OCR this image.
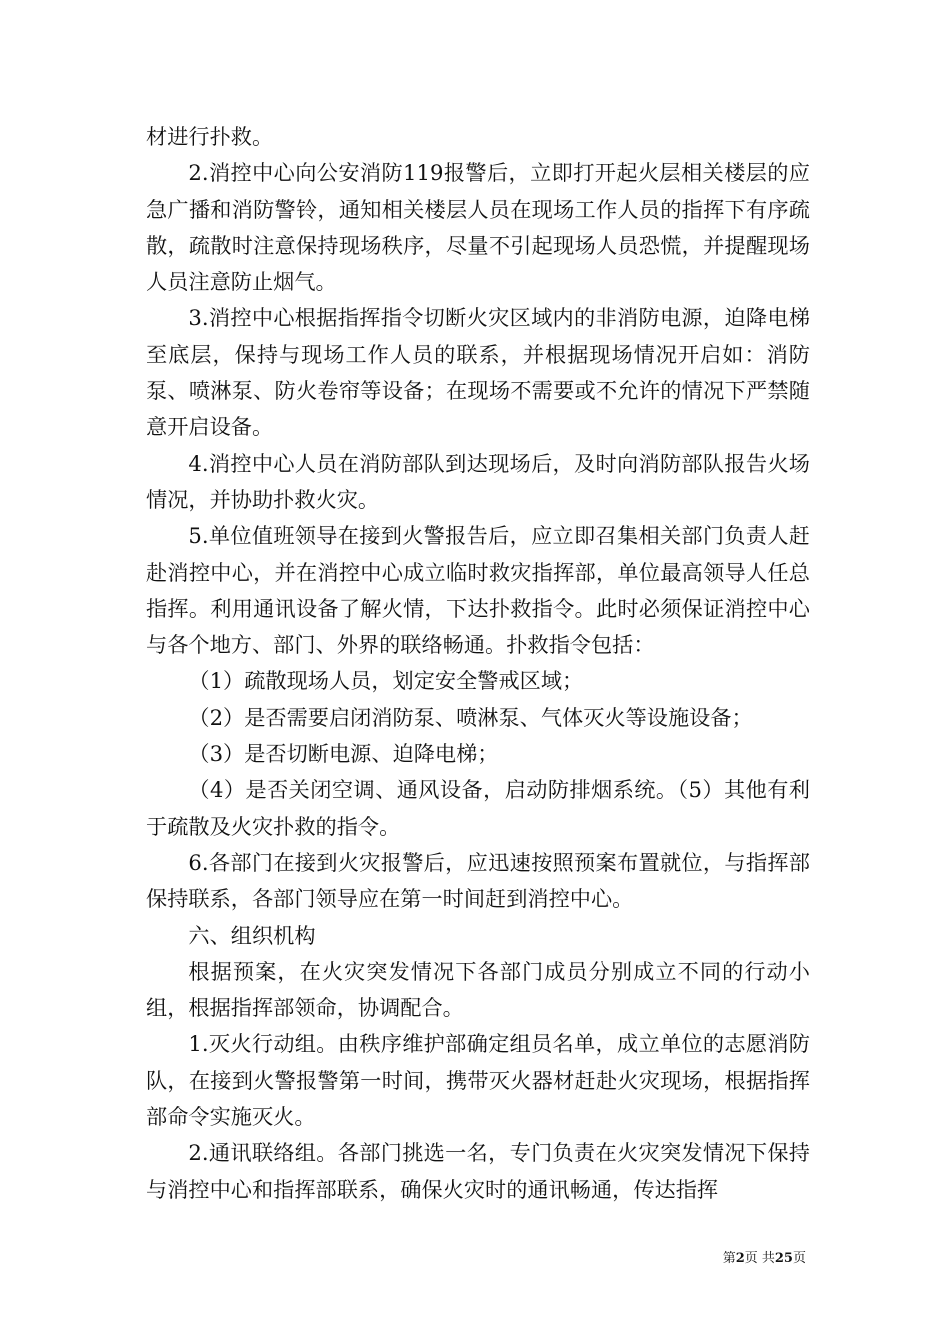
材进行扑救。

2.消控中心向公安消防119报警后，立即打开起火层相关楼层的应急广播和消防警铃，通知相关楼层人员在现场工作人员的指挥下有序疏散，疏散时注意保持现场秩序，尽量不引起现场人员恐慌，并提醒现场人员注意防止烟气。

3.消控中心根据指挥指令切断火灾区域内的非消防电源，迫降电梯至底层，保持与现场工作人员的联系，并根据现场情况开启如：消防泵、喷淋泵、防火卷帘等设备；在现场不需要或不允许的情况下严禁随意开启设备。

4.消控中心人员在消防部队到达现场后，及时向消防部队报告火场情况，并协助扑救火灾。

5.单位值班领导在接到火警报告后，应立即召集相关部门负责人赶赴消控中心，并在消控中心成立临时救灾指挥部，单位最高领导人任总指挥。利用通讯设备了解火情，下达扑救指令。此时必须保证消控中心与各个地方、部门、外界的联络畅通。扑救指令包括：

（1）疏散现场人员，划定安全警戒区域；

（2）是否需要启闭消防泵、喷淋泵、气体灭火等设施设备；

（3）是否切断电源、迫降电梯；

（4）是否关闭空调、通风设备，启动防排烟系统。（5）其他有利于疏散及火灾扑救的指令。

6.各部门在接到火灾报警后，应迅速按照预案布置就位，与指挥部保持联系，各部门领导应在第一时间赶到消控中心。

六、组织机构

根据预案，在火灾突发情况下各部门成员分别成立不同的行动小组，根据指挥部领命，协调配合。

1.灭火行动组。由秩序维护部确定组员名单，成立单位的志愿消防队，在接到火警报警第一时间，携带灭火器材赶赴火灾现场，根据指挥部命令实施灭火。

2.通讯联络组。各部门挑选一名，专门负责在火灾突发情况下保持与消控中心和指挥部联系，确保火灾时的通讯畅通，传达指挥

第2页 共25页
